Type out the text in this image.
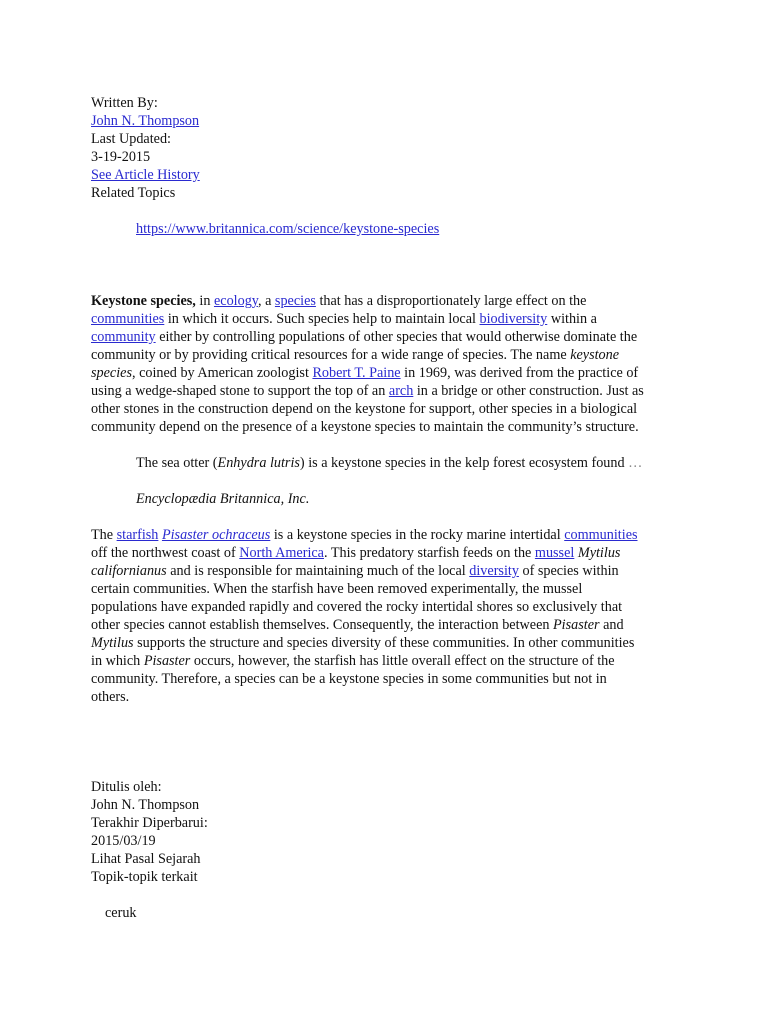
Written By:
John N. Thompson
Last Updated:
3-19-2015
See Article History
Related Topics
https://www.britannica.com/science/keystone-species
Keystone species, in ecology, a species that has a disproportionately large effect on the
communities in which it occurs. Such species help to maintain local biodiversity within a
community either by controlling populations of other species that would otherwise dominate the
community or by providing critical resources for a wide range of species. The name keystone
species, coined by American zoologist Robert T. Paine in 1969, was derived from the practice of
using a wedge-shaped stone to support the top of an arch in a bridge or other construction. Just as
other stones in the construction depend on the keystone for support, other species in a biological
community depend on the presence of a keystone species to maintain the community’s structure.
The sea otter (Enhydra lutris) is a keystone species in the kelp forest ecosystem found …
Encyclopædia Britannica, Inc.
The starfish Pisaster ochraceus is a keystone species in the rocky marine intertidal communities
off the northwest coast of North America. This predatory starfish feeds on the mussel Mytilus
californianus and is responsible for maintaining much of the local diversity of species within
certain communities. When the starfish have been removed experimentally, the mussel
populations have expanded rapidly and covered the rocky intertidal shores so exclusively that
other species cannot establish themselves. Consequently, the interaction between Pisaster and
Mytilus supports the structure and species diversity of these communities. In other communities
in which Pisaster occurs, however, the starfish has little overall effect on the structure of the
community. Therefore, a species can be a keystone species in some communities but not in
others.
Ditulis oleh:
John N. Thompson
Terakhir Diperbarui:
2015/03/19
Lihat Pasal Sejarah
Topik-topik terkait
ceruk
